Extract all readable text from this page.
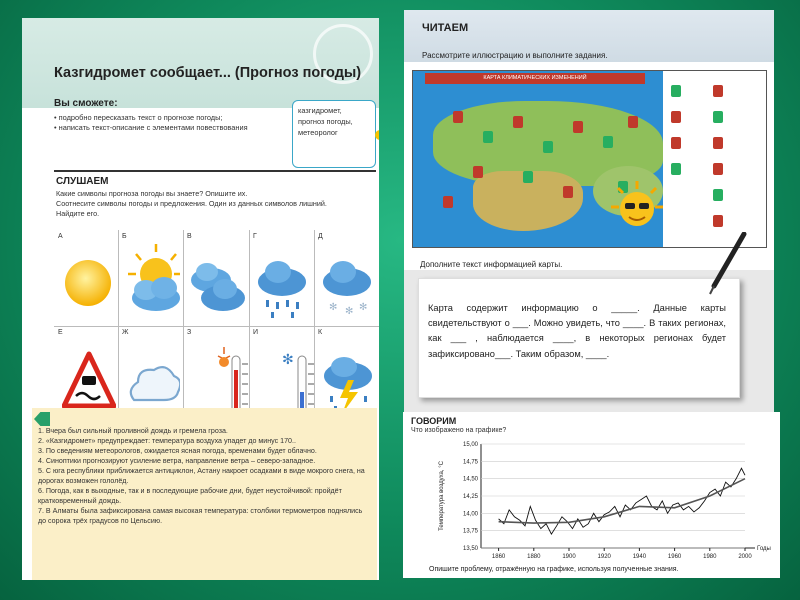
Казгидромет сообщает... (Прогноз погоды)
Вы сможете:
• подробно пересказать текст о прогнозе погоды;
• написать текст-описание с элементами повествования
казгидромет,
прогноз погоды,
метеоролог
СЛУШАЕМ
Какие символы прогноза погоды вы знаете? Опишите их.
Соотнесите символы погоды и предложения. Один из данных символов лишний.
Найдите его.
А	Б	В	Г	Д
Е	Ж	З	И	К
✻ ✻ ✻
✻
1. Вчера был сильный проливной дождь и гремела гроза.
2. «Казгидромет» предупреждает: температура воздуха упадет до минус 170..
3. По сведениям метеорологов, ожидается ясная погода, временами будет облачно.
4. Синоптики прогнозируют усиление ветра, направление ветра – северо-западное.
5. С юга республики приближается антициклон, Астану накроет осадками в виде мокрого снега, на дорогах возможен гололёд.
6. Погода, как в выходные, так и в последующие рабочие дни, будет неустойчивой: пройдёт кратковременный дождь.
7. В Алматы была зафиксирована самая высокая температура: столбики термометров поднялись до сорока трёх градусов по Цельсию.
ЧИТАЕМ
Рассмотрите иллюстрацию и выполните задания.
КАРТА КЛИМАТИЧЕСКИХ ИЗМЕНЕНИЙ
Дополните текст информацией карты.
Карта содержит информацию о _____. Данные карты свидетельствуют о ___. Можно увидеть, что ____. В таких регионах, как ___ , наблюдается ____, в некоторых регионах будет зафиксировано___. Таким образом, ____.
ГОВОРИМ
Что изображено на графике?
13,50
13,75
14,00
14,25
14,50
14,75
15,00
1860	1880	1900	1920	1940	1960	1980	2000
Годы
Температура воздуха, °С
Опишите проблему, отражённую на графике, используя полученные знания.
